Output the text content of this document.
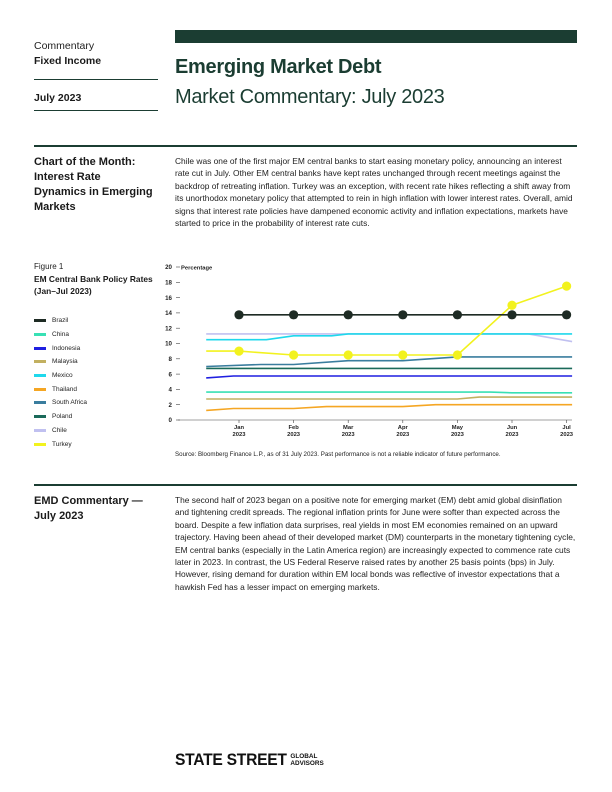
Commentary
Fixed Income
July 2023
Emerging Market Debt
Market Commentary: July 2023
Chart of the Month: Interest Rate Dynamics in Emerging Markets
Chile was one of the first major EM central banks to start easing monetary policy, announcing an interest rate cut in July. Other EM central banks have kept rates unchanged through recent meetings against the backdrop of retreating inflation. Turkey was an exception, with recent rate hikes reflecting a shift away from its unorthodox monetary policy that attempted to rein in high inflation with lower interest rates. Overall, amid signs that interest rate policies have dampened economic activity and inflation expectations, markets have started to price in the probability of interest rate cuts.
Figure 1
EM Central Bank Policy Rates (Jan–Jul 2023)
Brazil
China
Indonesia
Malaysia
Mexico
Thailand
South Africa
Poland
Chile
Turkey
0
2
4
6
8
10
12
14
16
18
20 Percentage
Jan
2023
Feb
2023
Mar
2023
Apr
2023
May
2023
Jun
2023
Jul
2023
Source: Bloomberg Finance L.P., as of 31 July 2023. Past performance is not a reliable indicator of future performance.
EMD Commentary — July 2023
The second half of 2023 began on a positive note for emerging market (EM) debt amid global disinflation and tightening credit spreads. The regional inflation prints for June were softer than expected across the board. Despite a few inflation data surprises, real yields in most EM economies remained on an upward trajectory. Having been ahead of their developed market (DM) counterparts in the monetary tightening cycle, EM central banks (especially in the Latin America region) are increasingly expected to commence rate cuts later in 2023. In contrast, the US Federal Reserve raised rates by another 25 basis points (bps) in July. However, rising demand for duration within EM local bonds was reflective of investor expectations that a hawkish Fed has a lesser impact on emerging markets.
STATE STREET GLOBAL
ADVISORS
